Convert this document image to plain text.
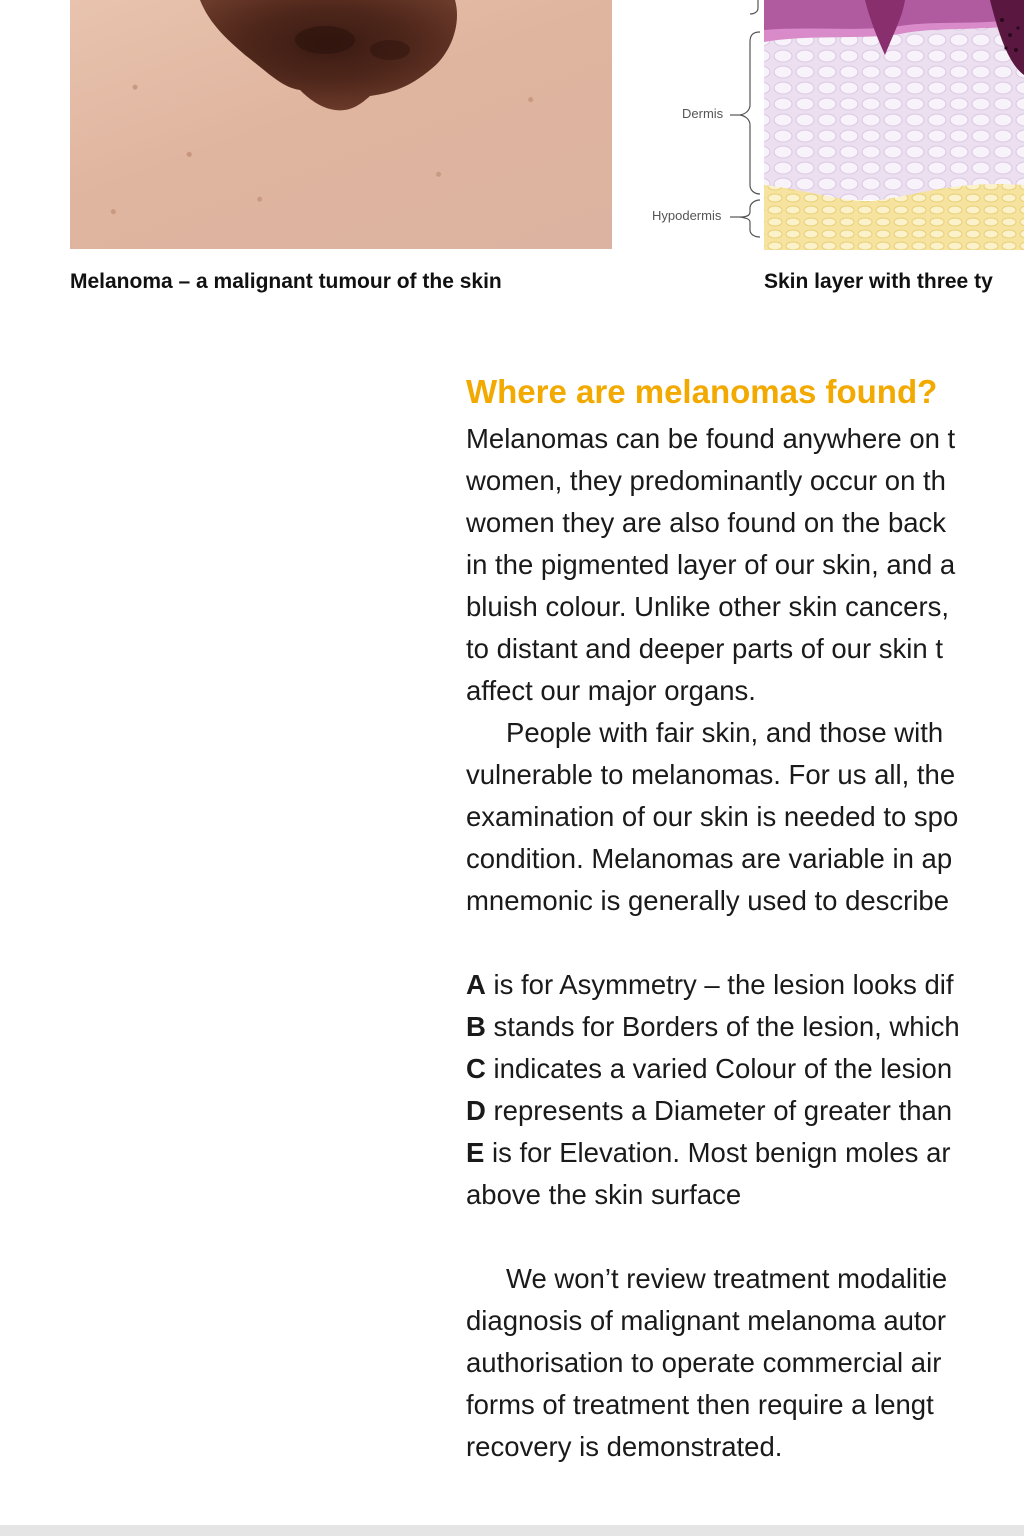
Melanoma – a malignant tumour of the skin
Dermis
Hypodermis
Skin layer with three ty
Where are melanomas found?
Melanomas can be found anywhere on t
women, they predominantly occur on th
women they are also found on the back
in the pigmented layer of our skin, and a
bluish colour. Unlike other skin cancers,
to distant and deeper parts of our skin t
affect our major organs.
People with fair skin, and those with
vulnerable to melanomas. For us all, the
examination of our skin is needed to spo
condition. Melanomas are variable in ap
mnemonic is generally used to describe
A is for Asymmetry – the lesion looks dif
B stands for Borders of the lesion, which
C indicates a varied Colour of the lesion
D represents a Diameter of greater than
E is for Elevation. Most benign moles ar
above the skin surface
We won’t review treatment modalitie
diagnosis of malignant melanoma autor
authorisation to operate commercial air
forms of treatment then require a lengt
recovery is demonstrated.
